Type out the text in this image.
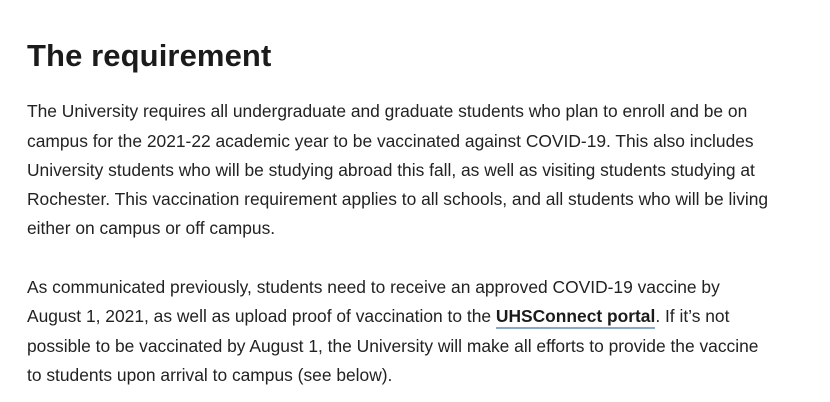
The requirement
The University requires all undergraduate and graduate students who plan to enroll and be on
campus for the 2021-22 academic year to be vaccinated against COVID-19. This also includes
University students who will be studying abroad this fall, as well as visiting students studying at
Rochester. This vaccination requirement applies to all schools, and all students who will be living
either on campus or off campus.
As communicated previously, students need to receive an approved COVID-19 vaccine by
August 1, 2021, as well as upload proof of vaccination to the UHSConnect portal. If it’s not
possible to be vaccinated by August 1, the University will make all efforts to provide the vaccine
to students upon arrival to campus (see below).
